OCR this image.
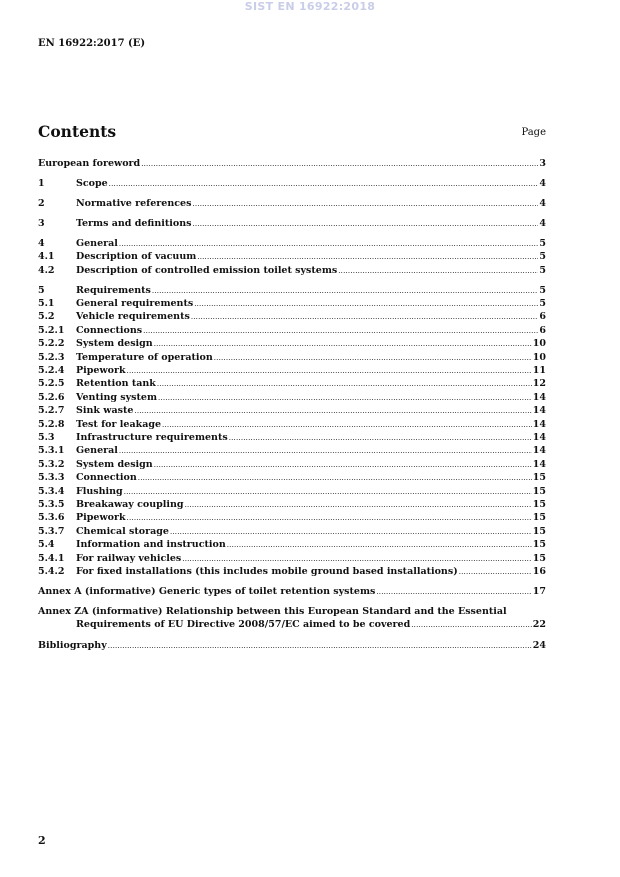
SIST EN 16922:2018
EN 16922:2017 (E)
Contents	Page
European foreword .....	3
1	Scope .....	4
2	Normative references .....	4
3	Terms and definitions .....	4
4	General .....	5
4.1	Description of vacuum .....	5
4.2	Description of controlled emission toilet systems .....	5
5	Requirements .....	5
5.1	General requirements .....	5
5.2	Vehicle requirements .....	6
5.2.1	Connections .....	6
5.2.2	System design .....	10
5.2.3	Temperature of operation .....	10
5.2.4	Pipework .....	11
5.2.5	Retention tank .....	12
5.2.6	Venting system .....	14
5.2.7	Sink waste .....	14
5.2.8	Test for leakage .....	14
5.3	Infrastructure requirements .....	14
5.3.1	General .....	14
5.3.2	System design .....	14
5.3.3	Connection .....	15
5.3.4	Flushing .....	15
5.3.5	Breakaway coupling .....	15
5.3.6	Pipework .....	15
5.3.7	Chemical storage .....	15
5.4	Information and instruction .....	15
5.4.1	For railway vehicles .....	15
5.4.2	For fixed installations (this includes mobile ground based installations) .....	16
Annex A (informative) Generic types of toilet retention systems .....	17
Annex ZA (informative) Relationship between this European Standard and the Essential
Requirements of EU Directive 2008/57/EC aimed to be covered .....	22
Bibliography .....	24
2
